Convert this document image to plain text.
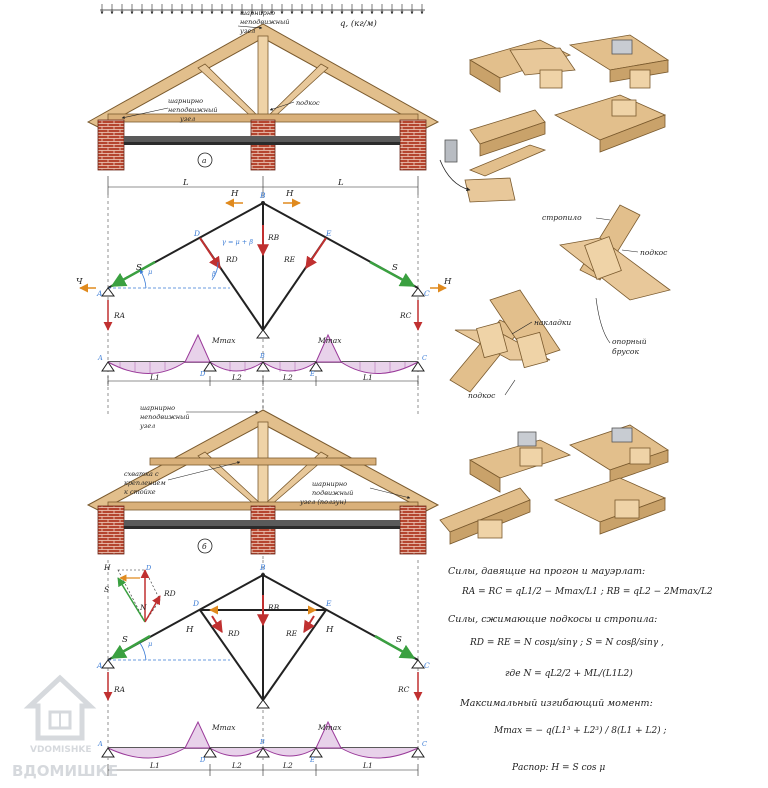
q, (кг/м)
шарнирно
неподвижный
узел
шарнирно
неподвижный
узел
подкос
а
L	L
B
A	C
D	E
H	H
H
Ч
S	S
RB
RD	RE
RA	RC
γ = μ + β
μ	β
A	B	C
D	E
Mmax	Mmax
L1	L2	L2	L1
стропило
подкос
накладки
опорный
брусок
подкос
шарнирно
неподвижный
узел
схватка с
креплением
к стойке
шарнирно
подвижный
узел (ползун)
б
H
S	RD
N
D	B
A	C
D	E
H	H
S	S
RB
RD	RE
RA	RC
μ
A	B	C
D	E
Mmax	Mmax
L1	L2	L2	L1
Силы, давящие на прогон и мауэрлат:
RA = RC = qL1/2 − Mmax/L1 ; RB = qL2 − 2Mmax/L2
Силы, сжимающие подкосы и стропила:
RD = RE = N cosμ/sinγ ; S = N cosβ/sinγ ,
где N = qL2/2 + ML/(L1L2)
Максимальный изгибающий момент:
Mmax = − q(L1³ + L2³) / 8(L1 + L2) ;
Распор: H = S cos μ
VDOMISHKE
ВДОМИШКЕ
